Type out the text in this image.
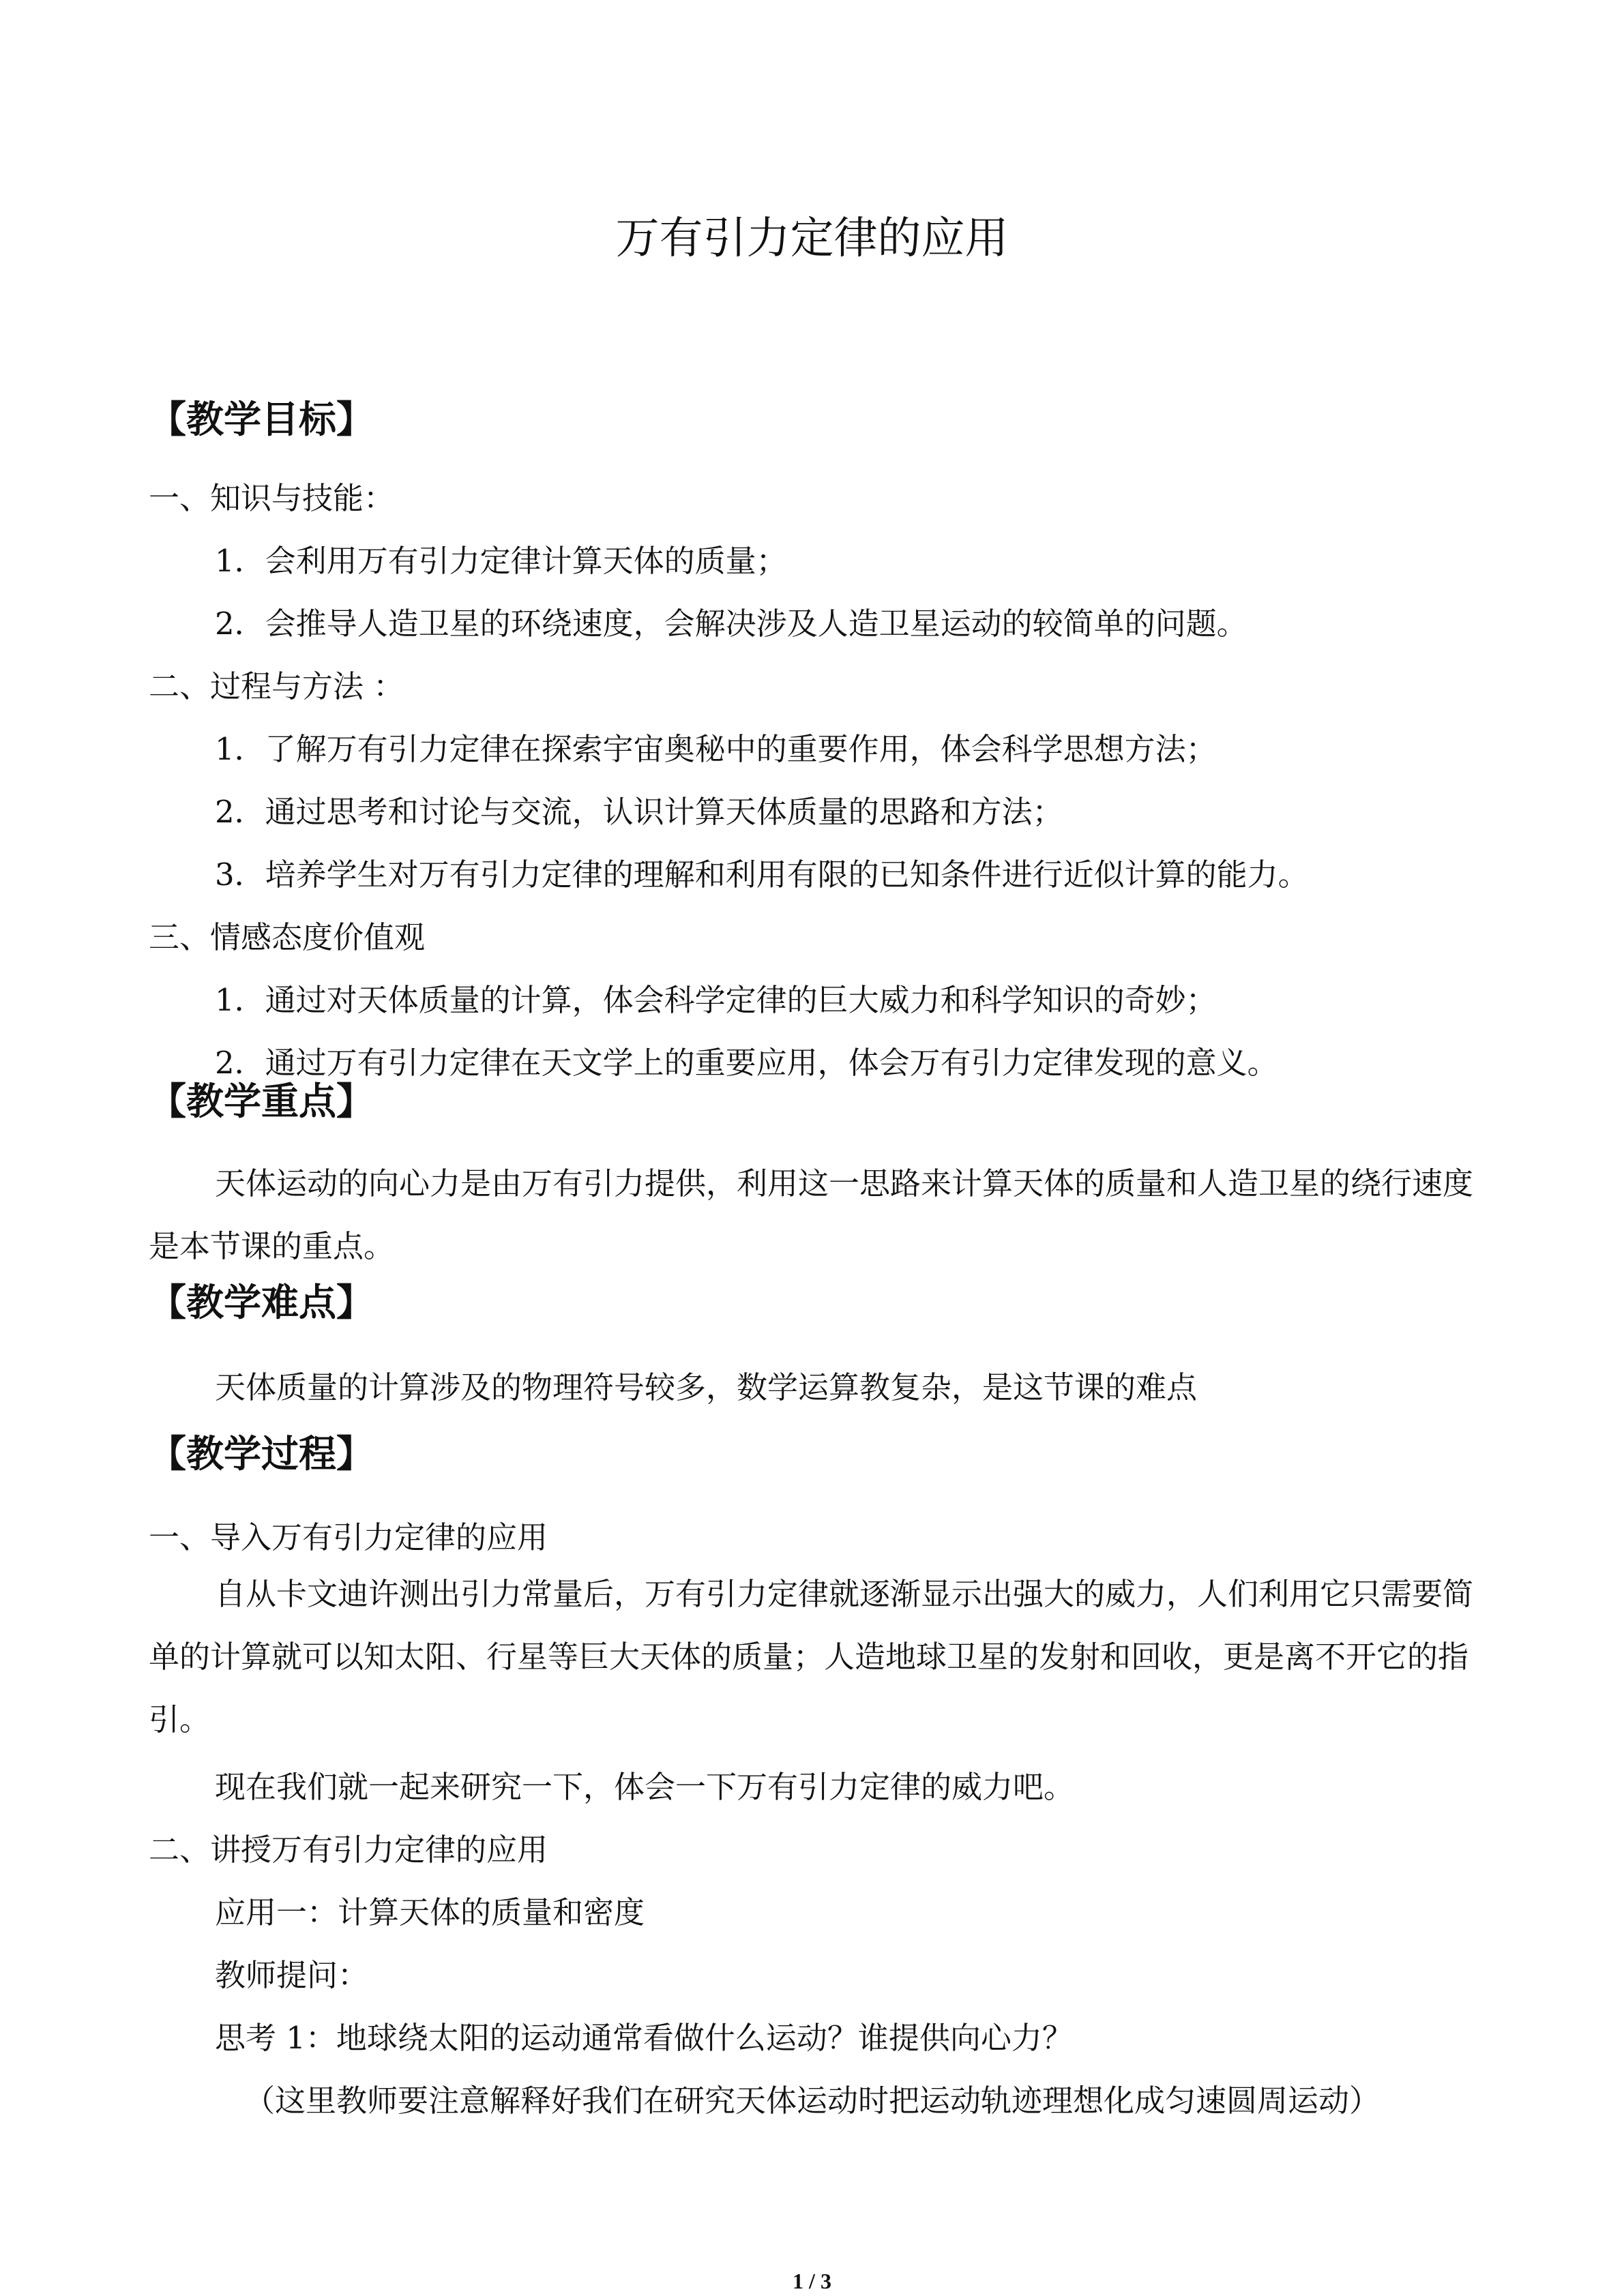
万有引力定律的应用
【教学目标】
一、知识与技能：
1．会利用万有引力定律计算天体的质量；
2．会推导人造卫星的环绕速度，会解决涉及人造卫星运动的较简单的问题。
二、过程与方法 ：
1．了解万有引力定律在探索宇宙奥秘中的重要作用，体会科学思想方法；
2．通过思考和讨论与交流，认识计算天体质量的思路和方法；
3．培养学生对万有引力定律的理解和利用有限的已知条件进行近似计算的能力。
三、情感态度价值观
1．通过对天体质量的计算，体会科学定律的巨大威力和科学知识的奇妙；
2．通过万有引力定律在天文学上的重要应用，体会万有引力定律发现的意义。
【教学重点】
天体运动的向心力是由万有引力提供，利用这一思路来计算天体的质量和人造卫星的绕行速度是本节课的重点。
【教学难点】
天体质量的计算涉及的物理符号较多，数学运算教复杂，是这节课的难点
【教学过程】
一、导入万有引力定律的应用
自从卡文迪许测出引力常量后，万有引力定律就逐渐显示出强大的威力，人们利用它只需要简单的计算就可以知太阳、行星等巨大天体的质量；人造地球卫星的发射和回收，更是离不开它的指引。
现在我们就一起来研究一下，体会一下万有引力定律的威力吧。
二、讲授万有引力定律的应用
应用一：计算天体的质量和密度
教师提问：
思考 1：地球绕太阳的运动通常看做什么运动？谁提供向心力？
（这里教师要注意解释好我们在研究天体运动时把运动轨迹理想化成匀速圆周运动）
1 / 3
